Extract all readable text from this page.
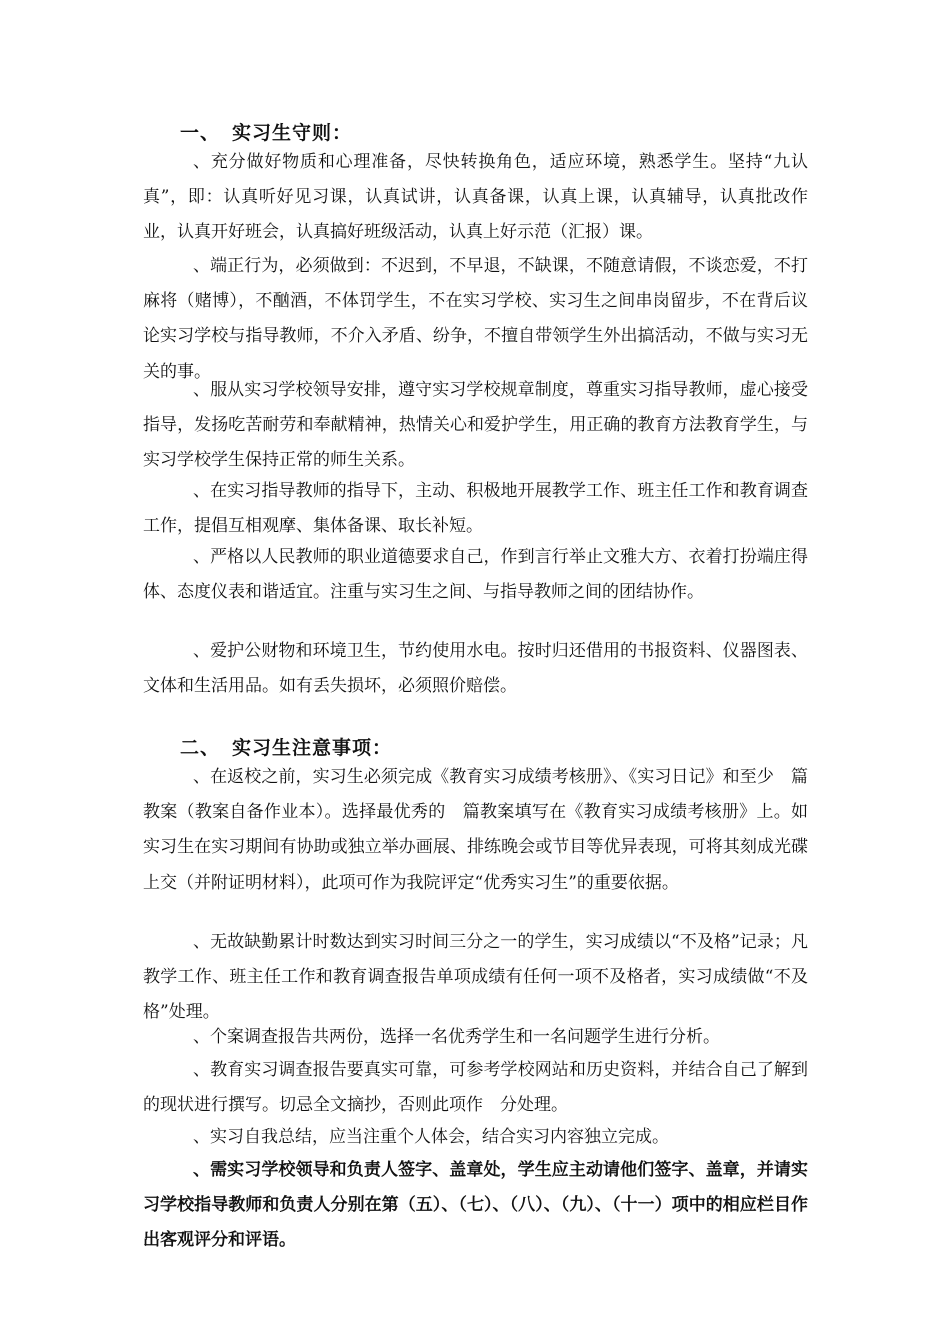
一、 实习生守则：

、充分做好物质和心理准备，尽快转换角色，适应环境，熟悉学生。坚持“九认真”，即：认真听好见习课，认真试讲，认真备课，认真上课，认真辅导，认真批改作业，认真开好班会，认真搞好班级活动，认真上好示范（汇报）课。

、端正行为，必须做到：不迟到，不早退，不缺课，不随意请假，不谈恋爱，不打麻将（赌博），不酗酒，不体罚学生，不在实习学校、实习生之间串岗留步，不在背后议论实习学校与指导教师，不介入矛盾、纷争，不擅自带领学生外出搞活动，不做与实习无关的事。

、服从实习学校领导安排，遵守实习学校规章制度，尊重实习指导教师，虚心接受指导，发扬吃苦耐劳和奉献精神，热情关心和爱护学生，用正确的教育方法教育学生，与实习学校学生保持正常的师生关系。

、在实习指导教师的指导下，主动、积极地开展教学工作、班主任工作和教育调查工作，提倡互相观摩、集体备课、取长补短。

、严格以人民教师的职业道德要求自己，作到言行举止文雅大方、衣着打扮端庄得体、态度仪表和谐适宜。注重与实习生之间、与指导教师之间的团结协作。

、爱护公财物和环境卫生，节约使用水电。按时归还借用的书报资料、仪器图表、文体和生活用品。如有丢失损坏，必须照价赔偿。

二、 实习生注意事项：

、在返校之前，实习生必须完成《教育实习成绩考核册》、《实习日记》和至少　篇教案（教案自备作业本）。选择最优秀的　篇教案填写在《教育实习成绩考核册》上。如实习生在实习期间有协助或独立举办画展、排练晚会或节目等优异表现，可将其刻成光碟上交（并附证明材料），此项可作为我院评定“优秀实习生”的重要依据。

、无故缺勤累计时数达到实习时间三分之一的学生，实习成绩以“不及格”记录；凡教学工作、班主任工作和教育调查报告单项成绩有任何一项不及格者，实习成绩做“不及格”处理。

、个案调查报告共两份，选择一名优秀学生和一名问题学生进行分析。

、教育实习调查报告要真实可靠，可参考学校网站和历史资料，并结合自己了解到的现状进行撰写。切忌全文摘抄，否则此项作　分处理。

、实习自我总结，应当注重个人体会，结合实习内容独立完成。

、需实习学校领导和负责人签字、盖章处，学生应主动请他们签字、盖章，并请实习学校指导教师和负责人分别在第（五）、（七）、（八）、（九）、（十一）项中的相应栏目作出客观评分和评语。
